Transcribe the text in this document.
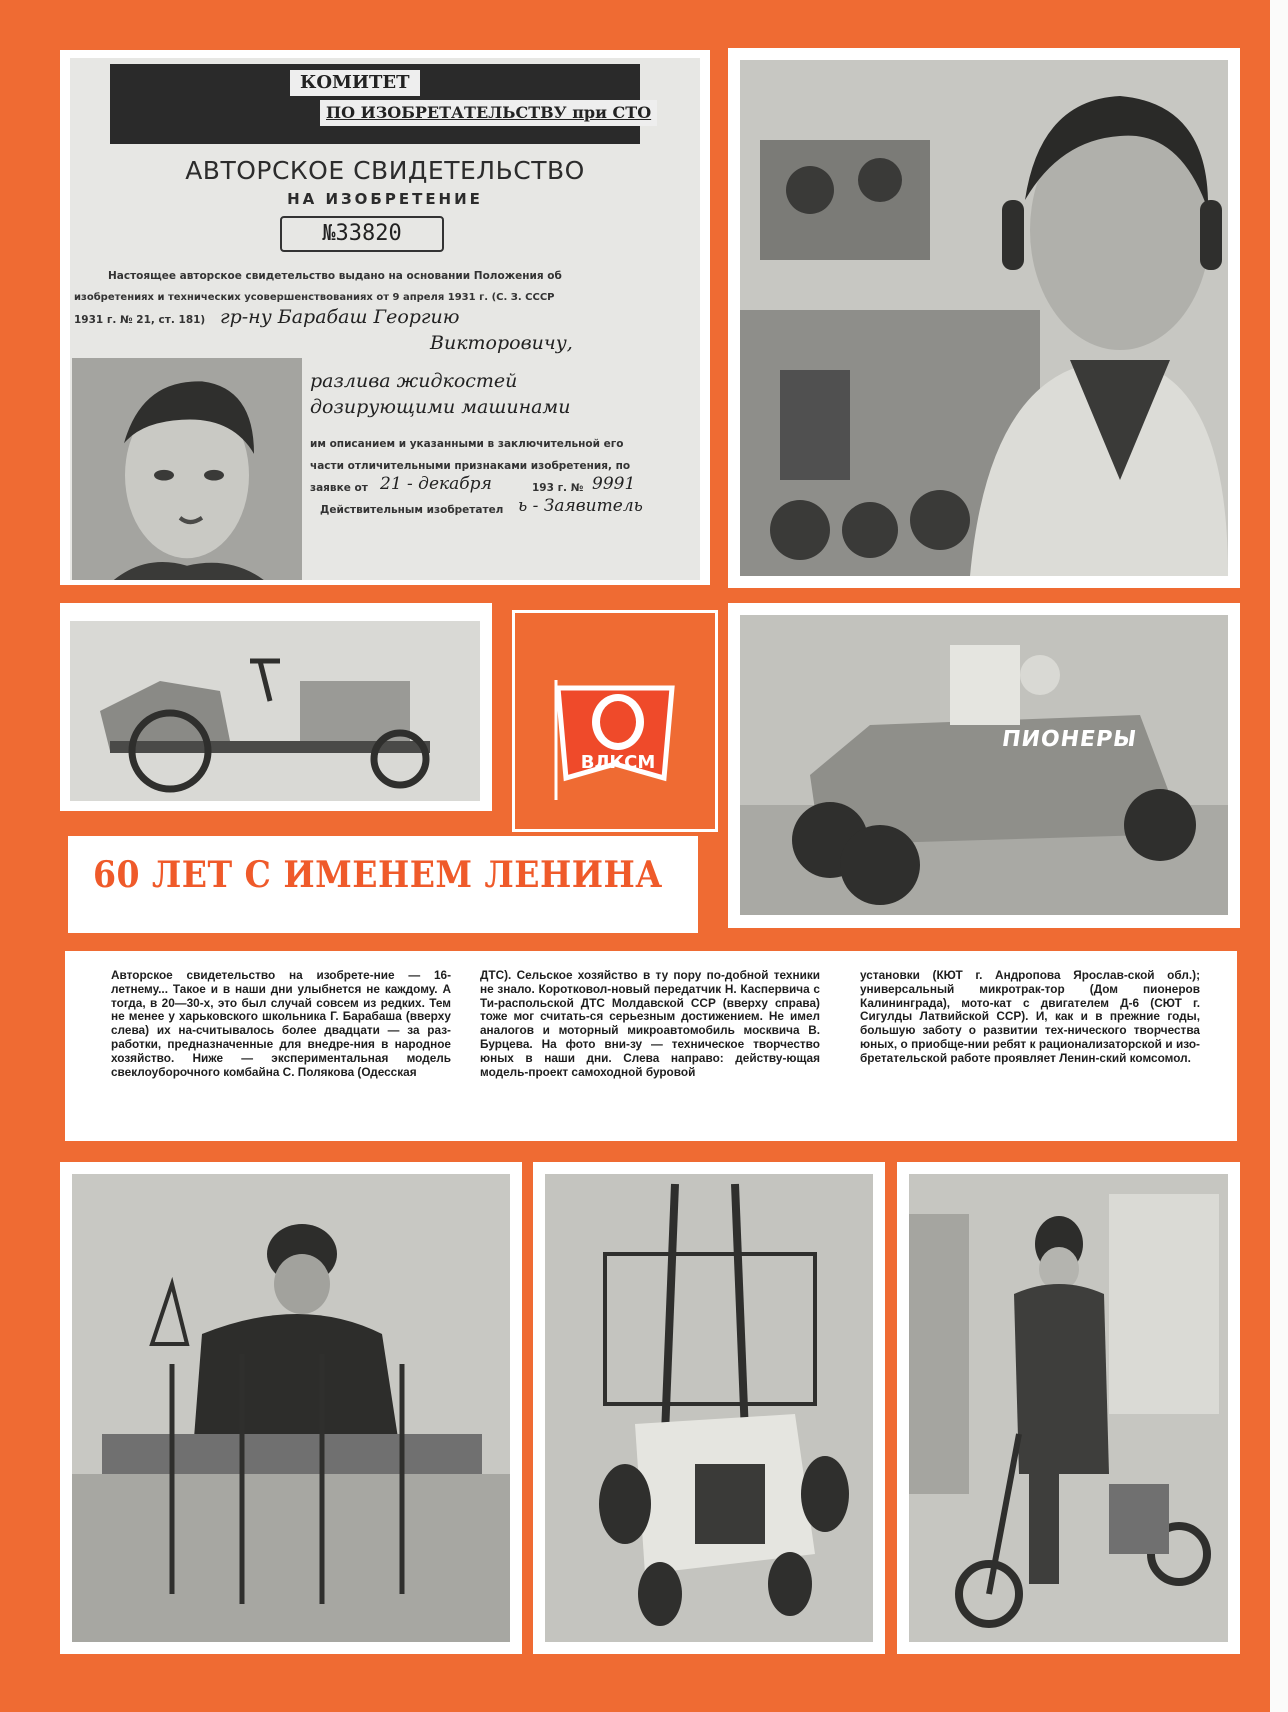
КОМИТЕТ
ПО ИЗОБРЕТАТЕЛЬСТВУ при СТО
АВТОРСКОЕ СВИДЕТЕЛЬСТВО
НА ИЗОБРЕТЕНИЕ
№33820
Настоящее авторское свидетельство выдано на основании Положения об
изобретениях и технических усовершенствованиях от 9 апреля 1931 г. (С. З. СССР
1931 г. № 21, ст. 181) гр-ну Барабаш Георгию
Викторовичу,
разлива жидкостей
дозирующими машинами
им описанием и указанными в заключительной его
части отличительными признаками изобретения, по
заявке от 21 - декабря	193 г. № 9991
Действительным изобретател ь - Заявитель
ВЛКСМ
60 ЛЕТ С ИМЕНЕМ ЛЕНИНА
ПИОНЕРЫ
Авторское свидетельство на изобрете-ние — 16-летнему... Такое и в наши дни улыбнется не каждому. А тогда, в 20—30-х, это был случай совсем из редких. Тем не менее у харьковского школьника Г. Барабаша (вверху слева) их на-считывалось более двадцати — за раз-работки, предназначенные для внедре-ния в народное хозяйство. Ниже — экспериментальная модель свеклоуборочного комбайна С. Полякова (Одесская
ДТС). Сельское хозяйство в ту пору по-добной техники не знало. Коротковол-новый передатчик Н. Каспервича с Ти-распольской ДТС Молдавской ССР (вверху справа) тоже мог считать-ся серьезным достижением. Не имел аналогов и моторный микроавтомобиль москвича В. Бурцева. На фото вни-зу — техническое творчество юных в наши дни. Слева направо: действу-ющая модель-проект самоходной буровой
установки (КЮТ г. Андропова Ярослав-ской обл.); универсальный микротрак-тор (Дом пионеров Калининграда), мото-кат с двигателем Д-6 (СЮТ г. Сигулды Латвийской ССР). И, как и в прежние годы, большую заботу о развитии тех-нического творчества юных, о приобще-нии ребят к рационализаторской и изо-бретательской работе проявляет Ленин-ский комсомол.
